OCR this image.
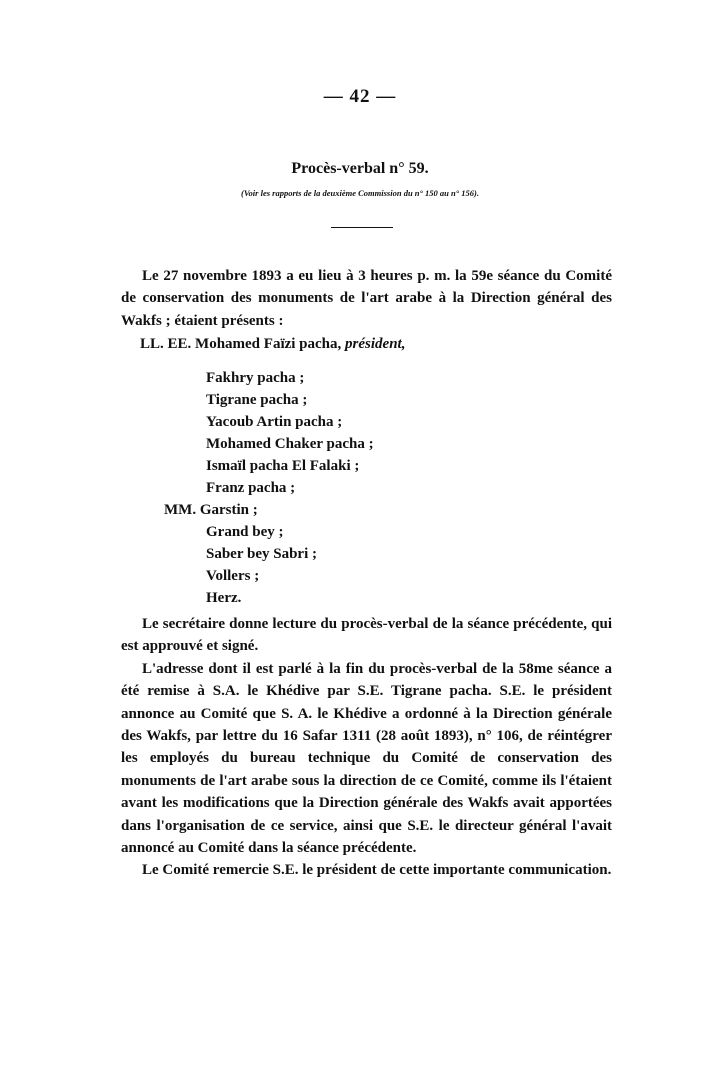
— 42 —
Procès-verbal n° 59.
(Voir les rapports de la deuxième Commission du n° 150 au n° 156).

Le 27 novembre 1893 a eu lieu à 3 heures p. m. la 59e séance du Comité de conservation des monuments de l'art arabe à la Direction général des Wakfs ; étaient présents :

LL. EE. Mohamed Faïzi pacha, président,
Fakhry pacha ;
Tigrane pacha ;
Yacoub Artin pacha ;
Mohamed Chaker pacha ;
Ismaïl pacha El Falaki ;
Franz pacha ;
MM. Garstin ;
Grand bey ;
Saber bey Sabri ;
Vollers ;
Herz.

Le secrétaire donne lecture du procès-verbal de la séance précédente, qui est approuvé et signé.

L'adresse dont il est parlé à la fin du procès-verbal de la 58me séance a été remise à S.A. le Khédive par S.E. Tigrane pacha. S.E. le président annonce au Comité que S. A. le Khédive a ordonné à la Direction générale des Wakfs, par lettre du 16 Safar 1311 (28 août 1893), n° 106, de réintégrer les employés du bureau technique du Comité de conservation des monuments de l'art arabe sous la direction de ce Comité, comme ils l'étaient avant les modifications que la Direction générale des Wakfs avait apportées dans l'organisation de ce service, ainsi que S.E. le directeur général l'avait annoncé au Comité dans la séance précédente.

Le Comité remercie S.E. le président de cette importante communication.
